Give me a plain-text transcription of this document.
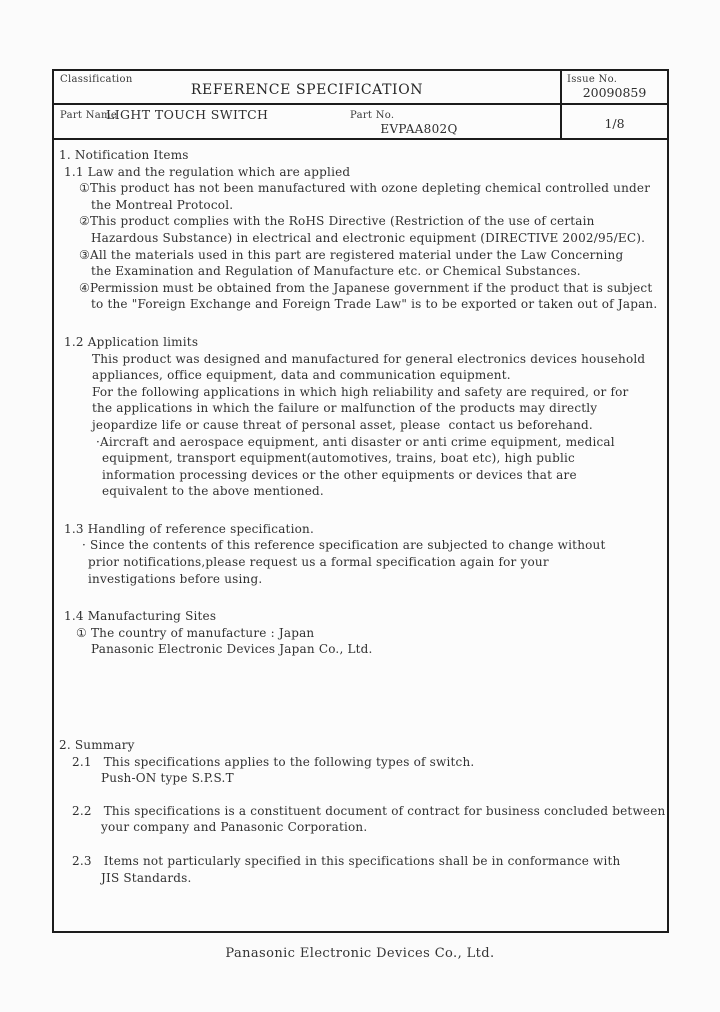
Classification
REFERENCE SPECIFICATION
Issue No.
20090859
Part Name
LIGHT TOUCH SWITCH	Part No.
EVPAA802Q	1/8
1. Notification Items
1.1 Law and the regulation which are applied
①This product has not been manufactured with ozone depleting chemical controlled under
the Montreal Protocol.
②This product complies with the RoHS Directive (Restriction of the use of certain
Hazardous Substance) in electrical and electronic equipment (DIRECTIVE 2002/95/EC).
③All the materials used in this part are registered material under the Law Concerning
the Examination and Regulation of Manufacture etc. or Chemical Substances.
④Permission must be obtained from the Japanese government if the product that is subject
to the "Foreign Exchange and Foreign Trade Law" is to be exported or taken out of Japan.
1.2 Application limits
This product was designed and manufactured for general electronics devices household
appliances, office equipment, data and communication equipment.
For the following applications in which high reliability and safety are required, or for
the applications in which the failure or malfunction of the products may directly
jeopardize life or cause threat of personal asset, please  contact us beforehand.
·Aircraft and aerospace equipment, anti disaster or anti crime equipment, medical
equipment, transport equipment(automotives, trains, boat etc), high public
information processing devices or the other equipments or devices that are
equivalent to the above mentioned.
1.3 Handling of reference specification.
· Since the contents of this reference specification are subjected to change without
prior notifications,please request us a formal specification again for your
investigations before using.
1.4 Manufacturing Sites
① The country of manufacture : Japan
Panasonic Electronic Devices Japan Co., Ltd.
2. Summary
2.1   This specifications applies to the following types of switch.
Push-ON type S.P.S.T
2.2   This specifications is a constituent document of contract for business concluded between
your company and Panasonic Corporation.
2.3   Items not particularly specified in this specifications shall be in conformance with
JIS Standards.
Panasonic Electronic Devices Co., Ltd.
